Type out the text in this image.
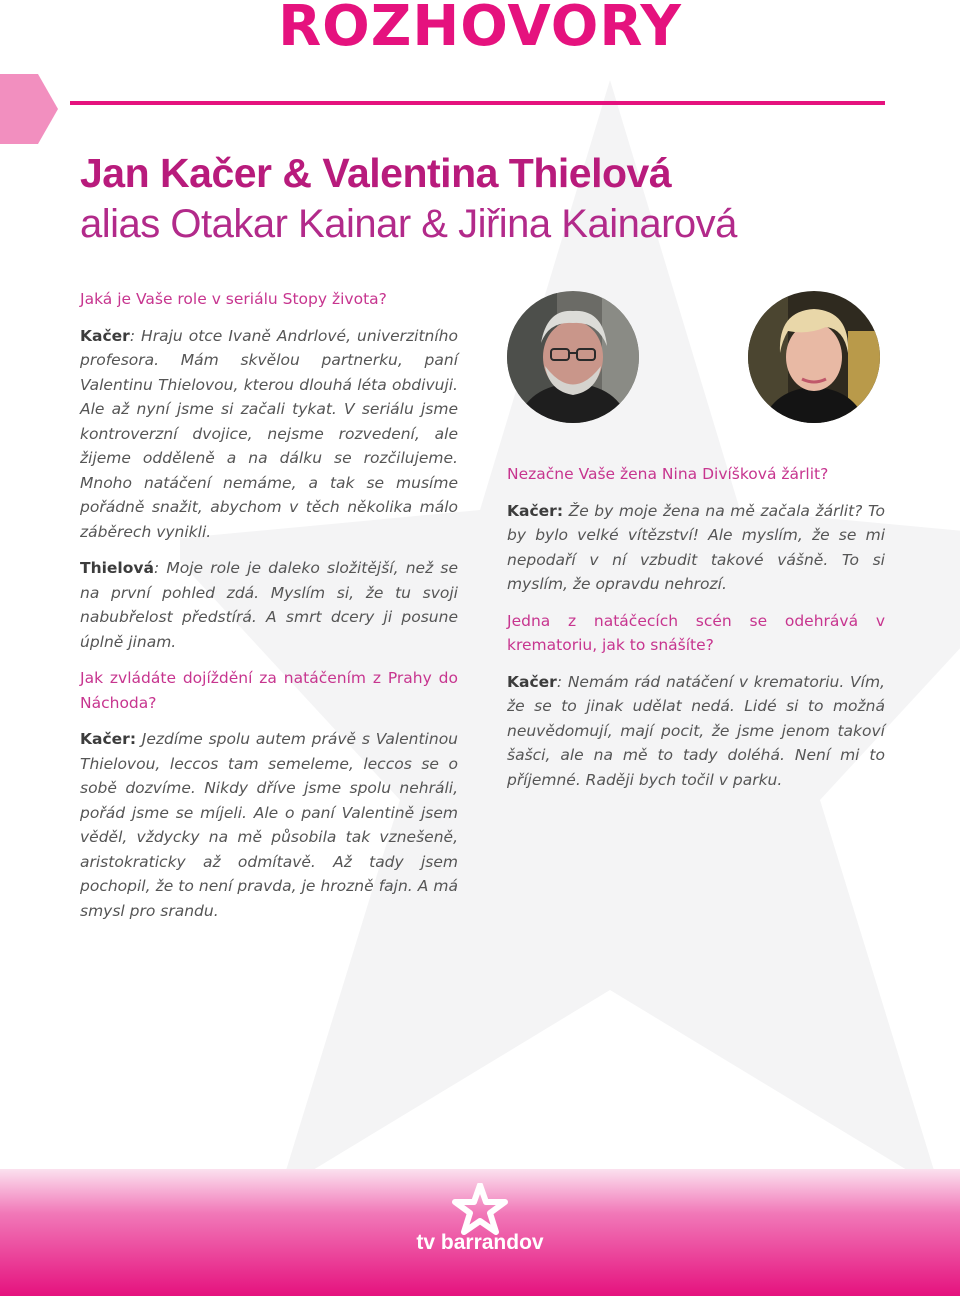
ROZHOVORY
Jan Kačer & Valentina Thielová
alias Otakar Kainar & Jiřina Kainarová

Jaká je Vaše role v seriálu Stopy života?

Kačer: Hraju otce Ivaně Andrlové, univerzitního profesora. Mám skvělou partnerku, paní Valentinu Thielovou, kterou dlouhá léta obdivuji. Ale až nyní jsme si začali tykat. V seriálu jsme kontroverzní dvojice, nejsme rozvedení, ale žijeme odděleně a na dálku se rozčilujeme. Mnoho natáčení nemáme, a tak se musíme pořádně snažit, abychom v těch několika málo záběrech vynikli.

Thielová: Moje role je daleko složitější, než se na první pohled zdá. Myslím si, že tu svoji nabubřelost předstírá. A smrt dcery ji posune úplně jinam.

Jak zvládáte dojíždění za natáčením z Prahy do Náchoda?

Kačer: Jezdíme spolu autem právě s Valentinou Thielovou, leccos tam semeleme, leccos se o sobě dozvíme. Nikdy dříve jsme spolu nehráli, pořád jsme se míjeli. Ale o paní Valentině jsem věděl, vždycky na mě působila tak vznešeně, aristokraticky až odmítavě. Až tady jsem pochopil, že to není pravda, je hrozně fajn. A má smysl pro srandu.

Nezačne Vaše žena Nina Divíšková žárlit?

Kačer: Že by moje žena na mě začala žárlit? To by bylo velké vítězství! Ale myslím, že se mi nepodaří v ní vzbudit takové vášně. To si myslím, že opravdu nehrozí.

Jedna z natáčecích scén se odehrává v krematoriu, jak to snášíte?

Kačer: Nemám rád natáčení v krematoriu. Vím, že se to jinak udělat nedá. Lidé si to možná neuvědomují, mají pocit, že jsme jenom takoví šašci, ale na mě to tady doléhá. Není mi to příjemné. Raději bych točil v parku.

tv barrandov
